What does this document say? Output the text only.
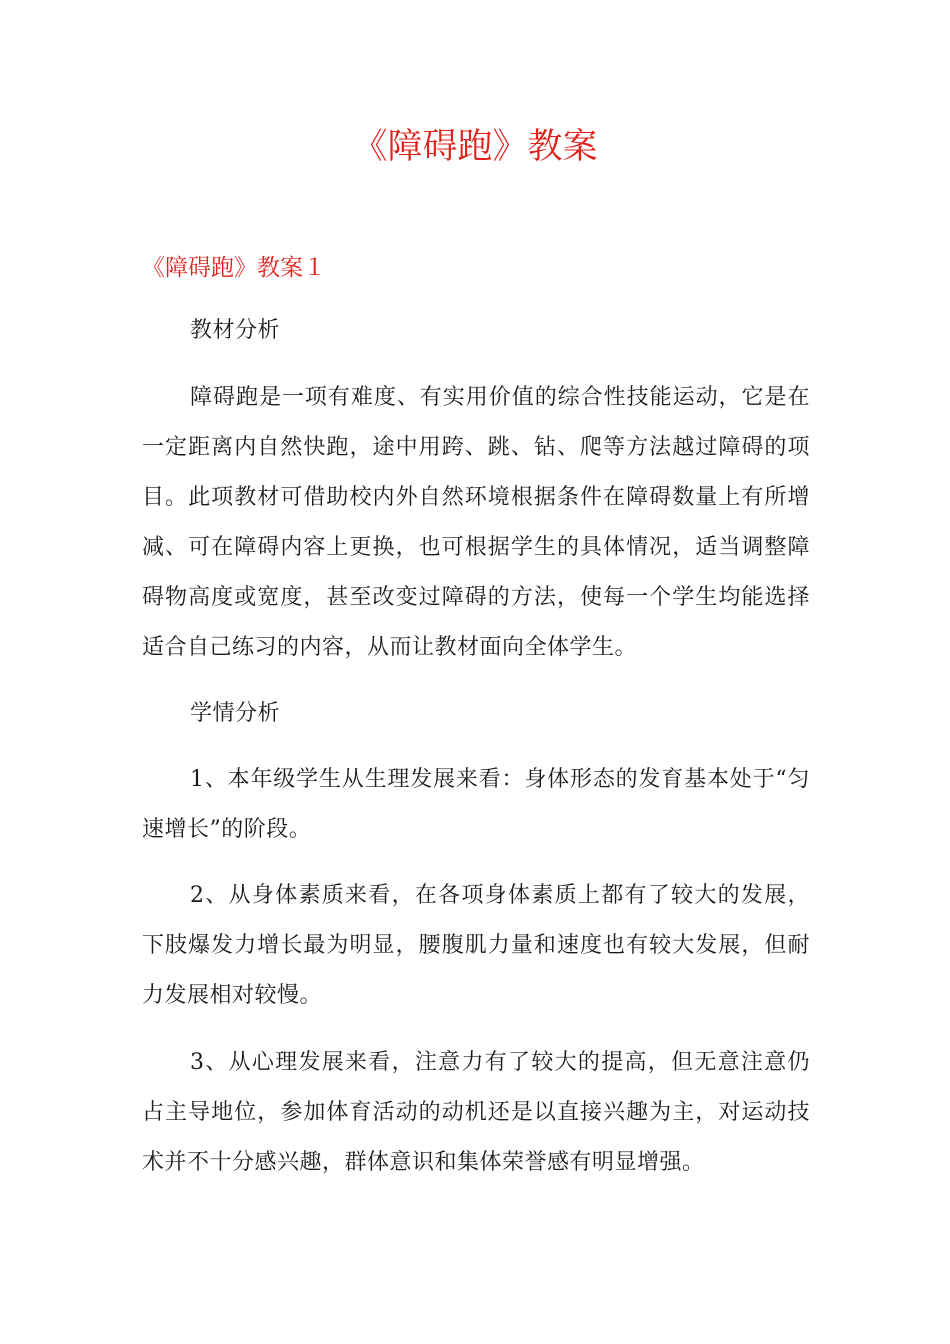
《障碍跑》教案
《障碍跑》教案１

教材分析

障碍跑是一项有难度、有实用价值的综合性技能运动，它是在一定距离内自然快跑，途中用跨、跳、钻、爬等方法越过障碍的项目。此项教材可借助校内外自然环境根据条件在障碍数量上有所增减、可在障碍内容上更换，也可根据学生的具体情况，适当调整障碍物高度或宽度，甚至改变过障碍的方法，使每一个学生均能选择适合自己练习的内容，从而让教材面向全体学生。

学情分析

1、本年级学生从生理发展来看：身体形态的发育基本处于“匀速增长”的阶段。

2、从身体素质来看，在各项身体素质上都有了较大的发展，下肢爆发力增长最为明显，腰腹肌力量和速度也有较大发展，但耐力发展相对较慢。

3、从心理发展来看，注意力有了较大的提高，但无意注意仍占主导地位，参加体育活动的动机还是以直接兴趣为主，对运动技术并不十分感兴趣，群体意识和集体荣誉感有明显增强。
